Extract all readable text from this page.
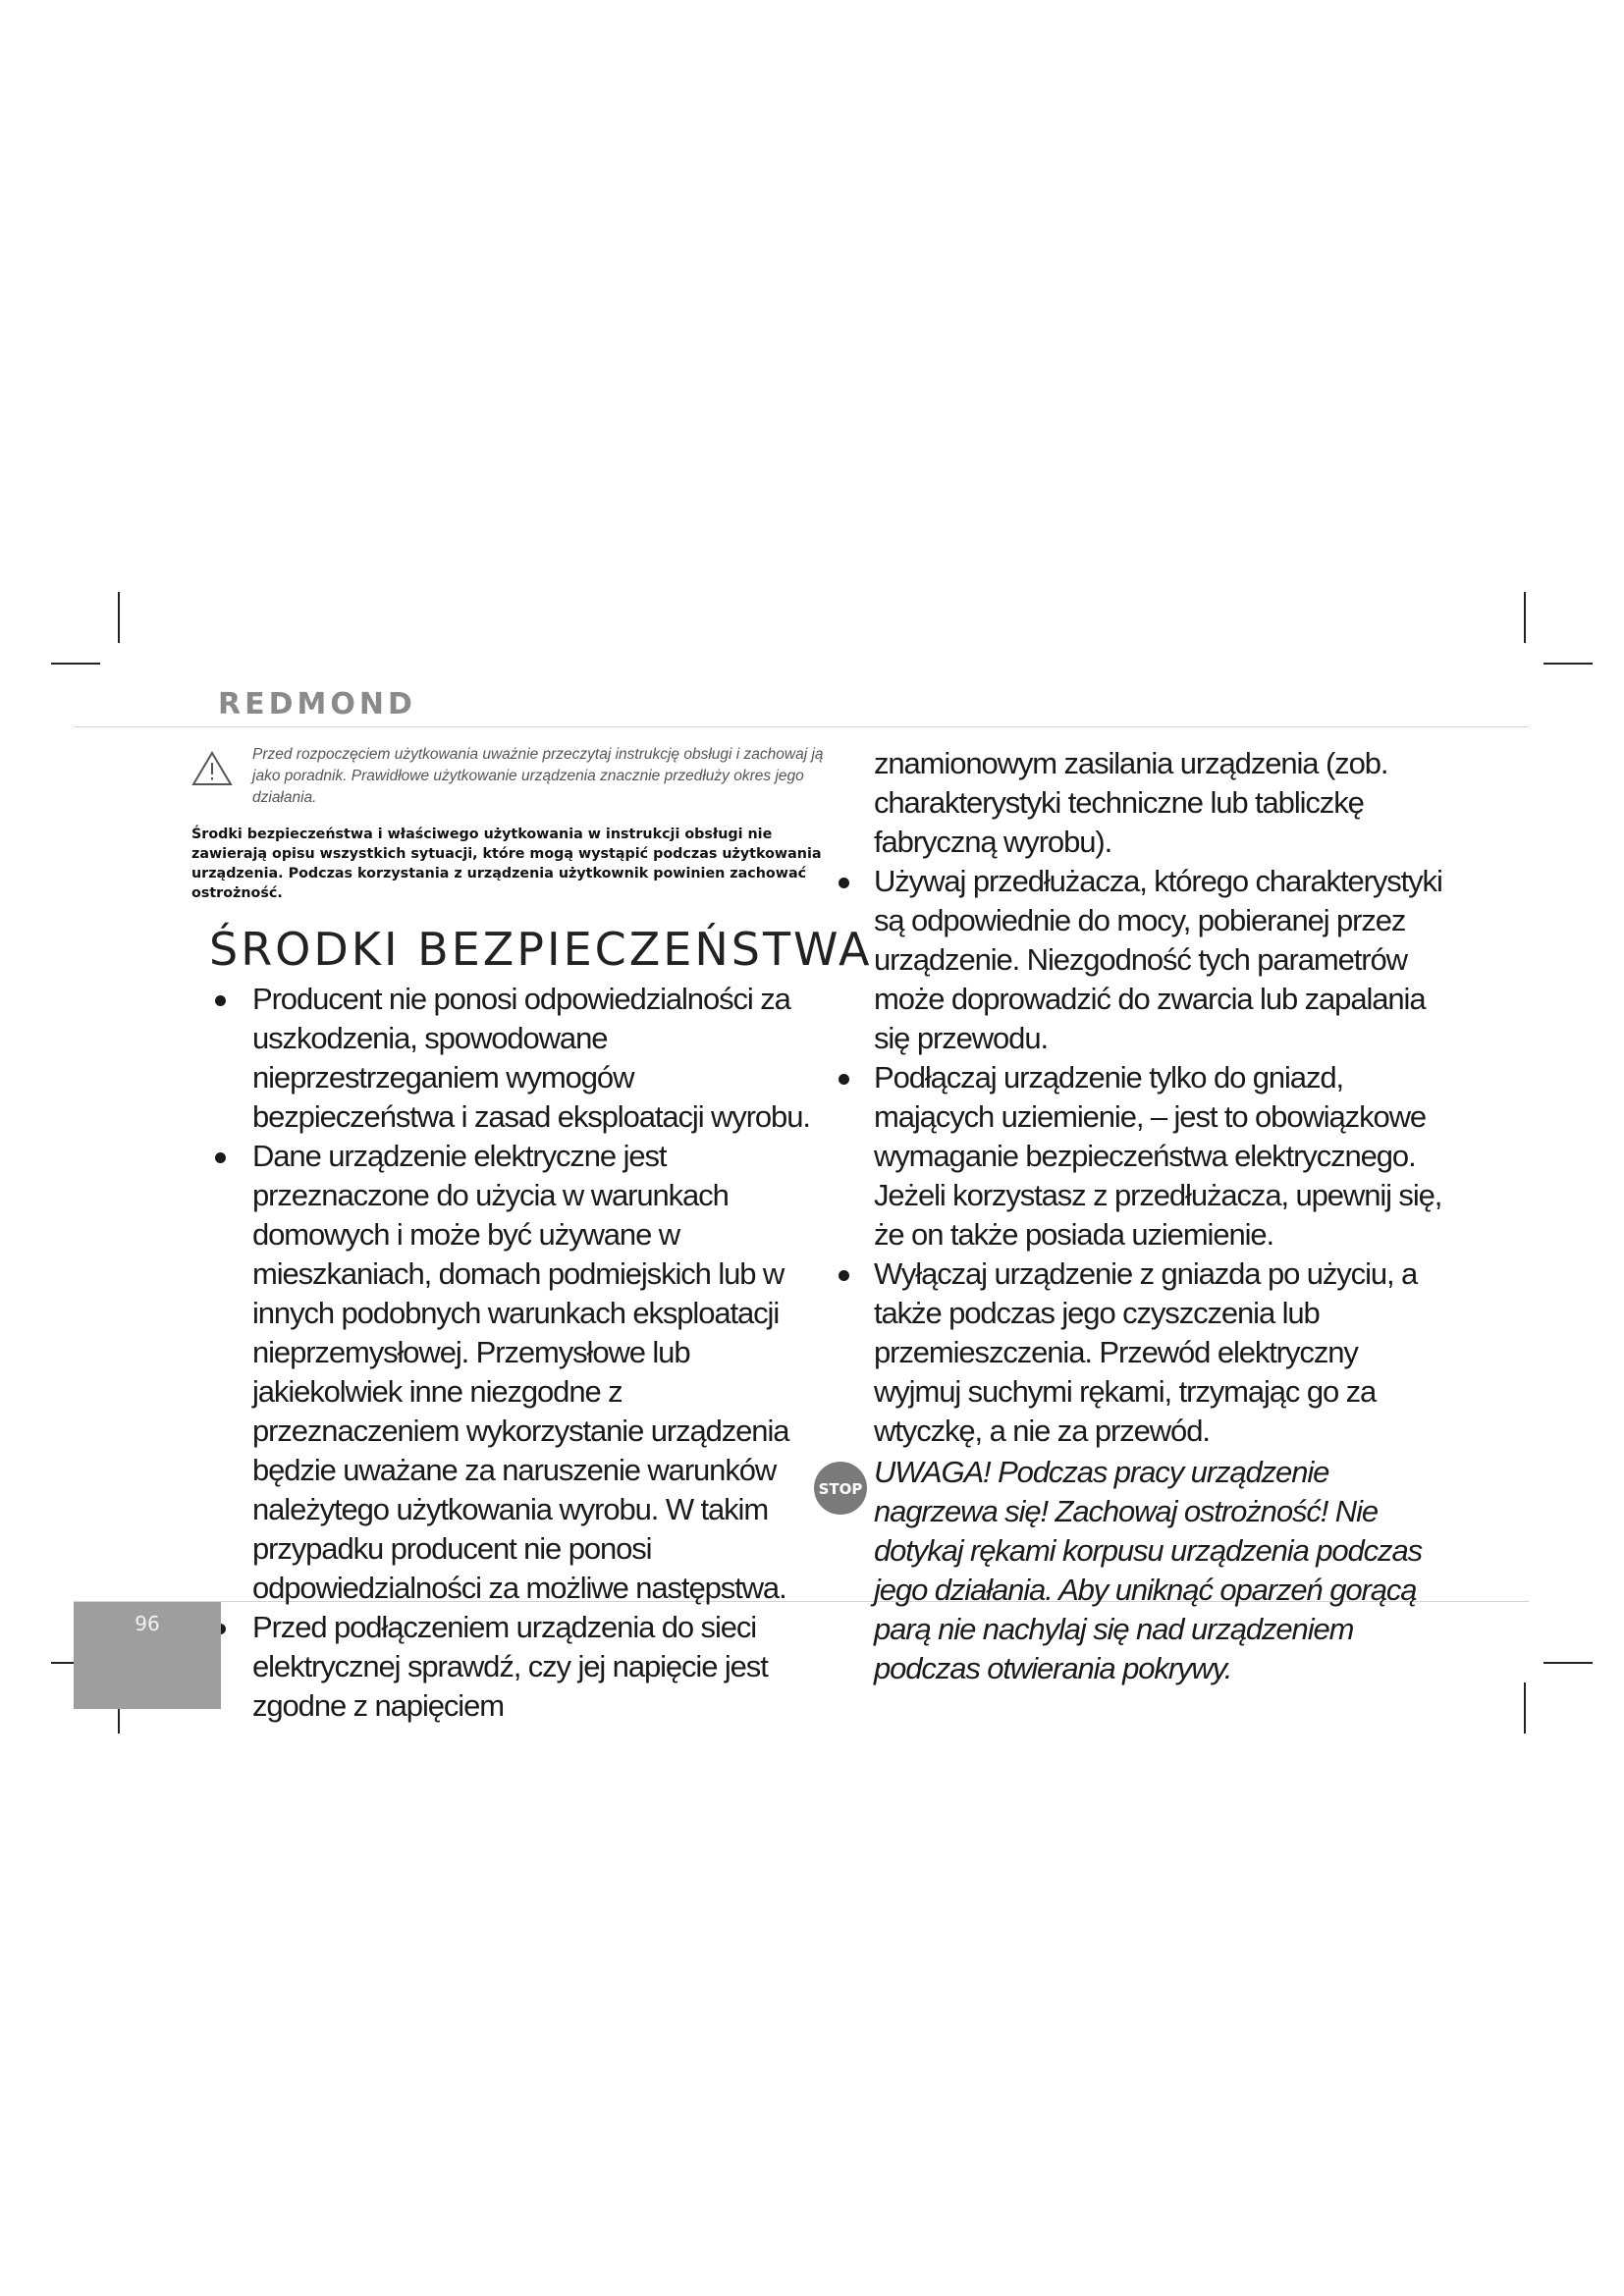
REDMOND
Przed rozpoczęciem użytkowania uważnie przeczytaj instrukcję obsługi i zachowaj ją jako poradnik. Prawidłowe użytkowanie urządzenia znacznie przedłuży okres jego działania.
Środki bezpieczeństwa i właściwego użytkowania w instrukcji obsługi nie zawierają opisu wszystkich sytuacji, które mogą wystąpić podczas użytkowania urządzenia. Podczas korzystania z urządzenia użytkownik powinien zachować ostrożność.
ŚRODKI BEZPIECZEŃSTWA
Producent nie ponosi odpowiedzialności za uszkodzenia, spowodowane nieprzestrzeganiem wymogów bezpieczeństwa i zasad eksploatacji wyrobu.
Dane urządzenie elektryczne jest przeznaczone do użycia w warunkach domowych i może być używane w mieszkaniach, domach podmiejskich lub w innych podobnych warunkach eksploatacji nieprzemysłowej. Przemysłowe lub jakiekolwiek inne niezgodne z przeznaczeniem wykorzystanie urządzenia będzie uważane za naruszenie warunków należytego użytkowania wyrobu. W takim przypadku producent nie ponosi odpowiedzialności za możliwe następstwa.
Przed podłączeniem urządzenia do sieci elektrycznej sprawdź, czy jej napięcie jest zgodne z napięciem
znamionowym zasilania urządzenia (zob. charakterystyki techniczne lub tabliczkę fabryczną wyrobu).
Używaj przedłużacza, którego charakterystyki są odpowiednie do mocy, pobieranej przez urządzenie. Niezgodność tych parametrów może doprowadzić do zwarcia lub zapalania się przewodu.
Podłączaj urządzenie tylko do gniazd, mających uziemienie, – jest to obowiązkowe wymaganie bezpieczeństwa elektrycznego. Jeżeli korzystasz z przedłużacza, upewnij się, że on także posiada uziemienie.
Wyłączaj urządzenie z gniazda po użyciu, a także podczas jego czyszczenia lub przemieszczenia. Przewód elektryczny wyjmuj suchymi rękami, trzymając go za wtyczkę, a nie za przewód.
STOP UWAGA! Podczas pracy urządzenie nagrzewa się! Zachowaj ostrożność! Nie dotykaj rękami korpusu urządzenia podczas jego działania. Aby uniknąć oparzeń gorącą parą nie nachylaj się nad urządzeniem podczas otwierania pokrywy.
96
